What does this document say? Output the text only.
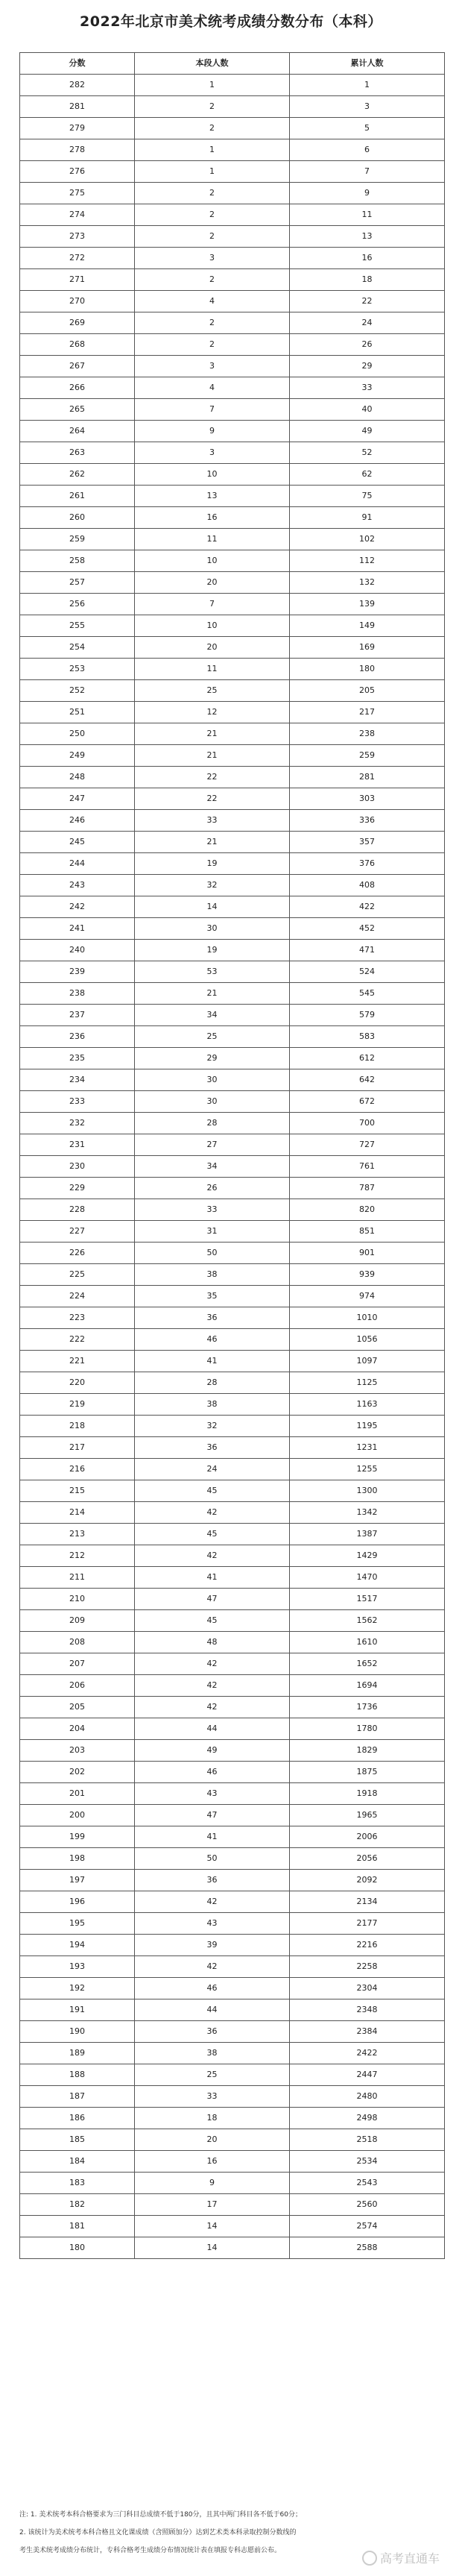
2022年北京市美术统考成绩分数分布（本科）
分数	本段人数	累计人数
282	1	1
281	2	3
279	2	5
278	1	6
276	1	7
275	2	9
274	2	11
273	2	13
272	3	16
271	2	18
270	4	22
269	2	24
268	2	26
267	3	29
266	4	33
265	7	40
264	9	49
263	3	52
262	10	62
261	13	75
260	16	91
259	11	102
258	10	112
257	20	132
256	7	139
255	10	149
254	20	169
253	11	180
252	25	205
251	12	217
250	21	238
249	21	259
248	22	281
247	22	303
246	33	336
245	21	357
244	19	376
243	32	408
242	14	422
241	30	452
240	19	471
239	53	524
238	21	545
237	34	579
236	25	583
235	29	612
234	30	642
233	30	672
232	28	700
231	27	727
230	34	761
229	26	787
228	33	820
227	31	851
226	50	901
225	38	939
224	35	974
223	36	1010
222	46	1056
221	41	1097
220	28	1125
219	38	1163
218	32	1195
217	36	1231
216	24	1255
215	45	1300
214	42	1342
213	45	1387
212	42	1429
211	41	1470
210	47	1517
209	45	1562
208	48	1610
207	42	1652
206	42	1694
205	42	1736
204	44	1780
203	49	1829
202	46	1875
201	43	1918
200	47	1965
199	41	2006
198	50	2056
197	36	2092
196	42	2134
195	43	2177
194	39	2216
193	42	2258
192	46	2304
191	44	2348
190	36	2384
189	38	2422
188	25	2447
187	33	2480
186	18	2498
185	20	2518
184	16	2534
183	9	2543
182	17	2560
181	14	2574
180	14	2588
注: 1. 美术统考本科合格要求为三门科目总成绩不低于180分，且其中两门科目各不低于60分；
2. 该统计为美术统考本科合格且文化课成绩（含照顾加分）达到艺术类本科录取控制分数线的
考生美术统考成绩分布统计，专科合格考生成绩分布情况统计表在填报专科志愿前公布。
高考直通车
